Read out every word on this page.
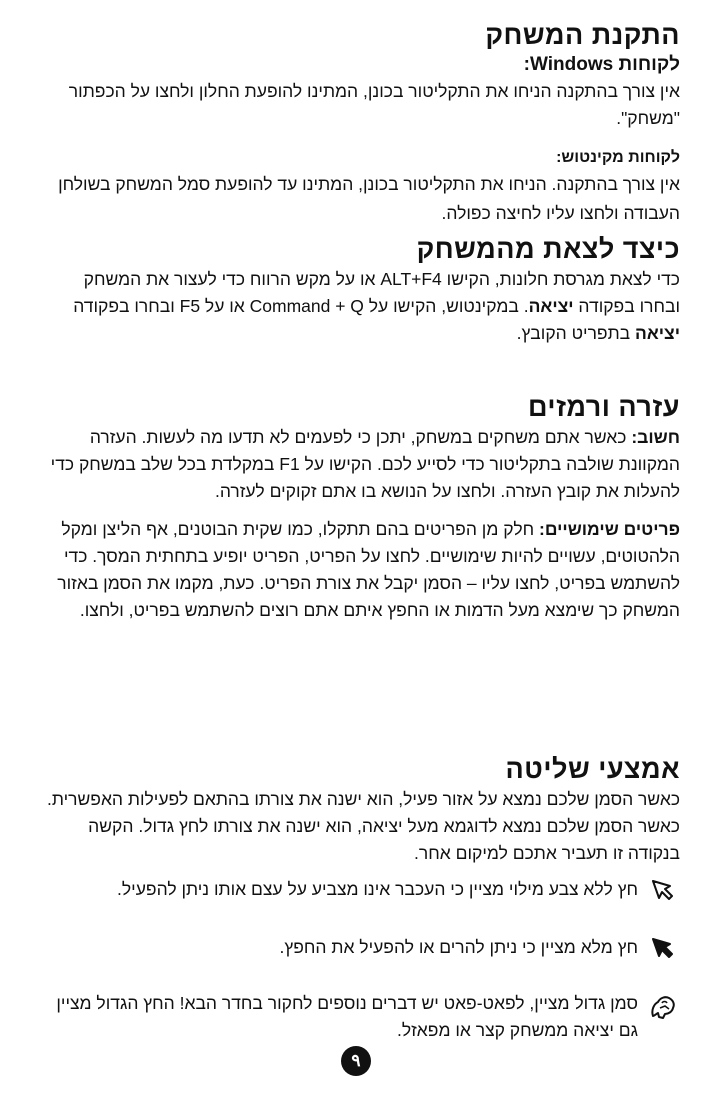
התקנת המשחק
לקוחות Windows:

אין צורך בהתקנה הניחו את התקליטור בכונן, המתינו להופעת החלון ולחצו על הכפתור "משחק".

לקוחות מקינטוש:

אין צורך בהתקנה. הניחו את התקליטור בכונן, המתינו עד להופעת סמל המשחק בשולחן העבודה ולחצו עליו לחיצה כפולה.

כיצד לצאת מהמשחק

כדי לצאת מגרסת חלונות, הקישו ALT+F4 או על מקש הרווח כדי לעצור את המשחק ובחרו בפקודה יציאה. במקינטוש, הקישו על Command + Q או על F5 ובחרו בפקודה יציאה בתפריט הקובץ.

עזרה ורמזים

חשוב: כאשר אתם משחקים במשחק, יתכן כי לפעמים לא תדעו מה לעשות. העזרה המקוונת שולבה בתקליטור כדי לסייע לכם. הקישו על F1 במקלדת בכל שלב במשחק כדי להעלות את קובץ העזרה. ולחצו על הנושא בו אתם זקוקים לעזרה.

פריטים שימושיים: חלק מן הפריטים בהם תתקלו, כמו שקית הבוטנים, אף הליצן ומקל הלהטוטים, עשויים להיות שימושיים. לחצו על הפריט, הפריט יופיע בתחתית המסך. כדי להשתמש בפריט, לחצו עליו – הסמן יקבל את צורת הפריט. כעת, מקמו את הסמן באזור המשחק כך שימצא מעל הדמות או החפץ איתם אתם רוצים להשתמש בפריט, ולחצו.

אמצעי שליטה

כאשר הסמן שלכם נמצא על אזור פעיל, הוא ישנה את צורתו בהתאם לפעילות האפשרית. כאשר הסמן שלכם נמצא לדוגמא מעל יציאה, הוא ישנה את צורתו לחץ גדול. הקשה בנקודה זו תעביר אתכם למיקום אחר.

חץ ללא צבע מילוי מציין כי העכבר אינו מצביע על עצם אותו ניתן להפעיל.
חץ מלא מציין כי ניתן להרים או להפעיל את החפץ.
סמן גדול מציין, לפאט-פאט יש דברים נוספים לחקור בחדר הבא! החץ הגדול מציין גם יציאה ממשחק קצר או מפאזל.
٩
